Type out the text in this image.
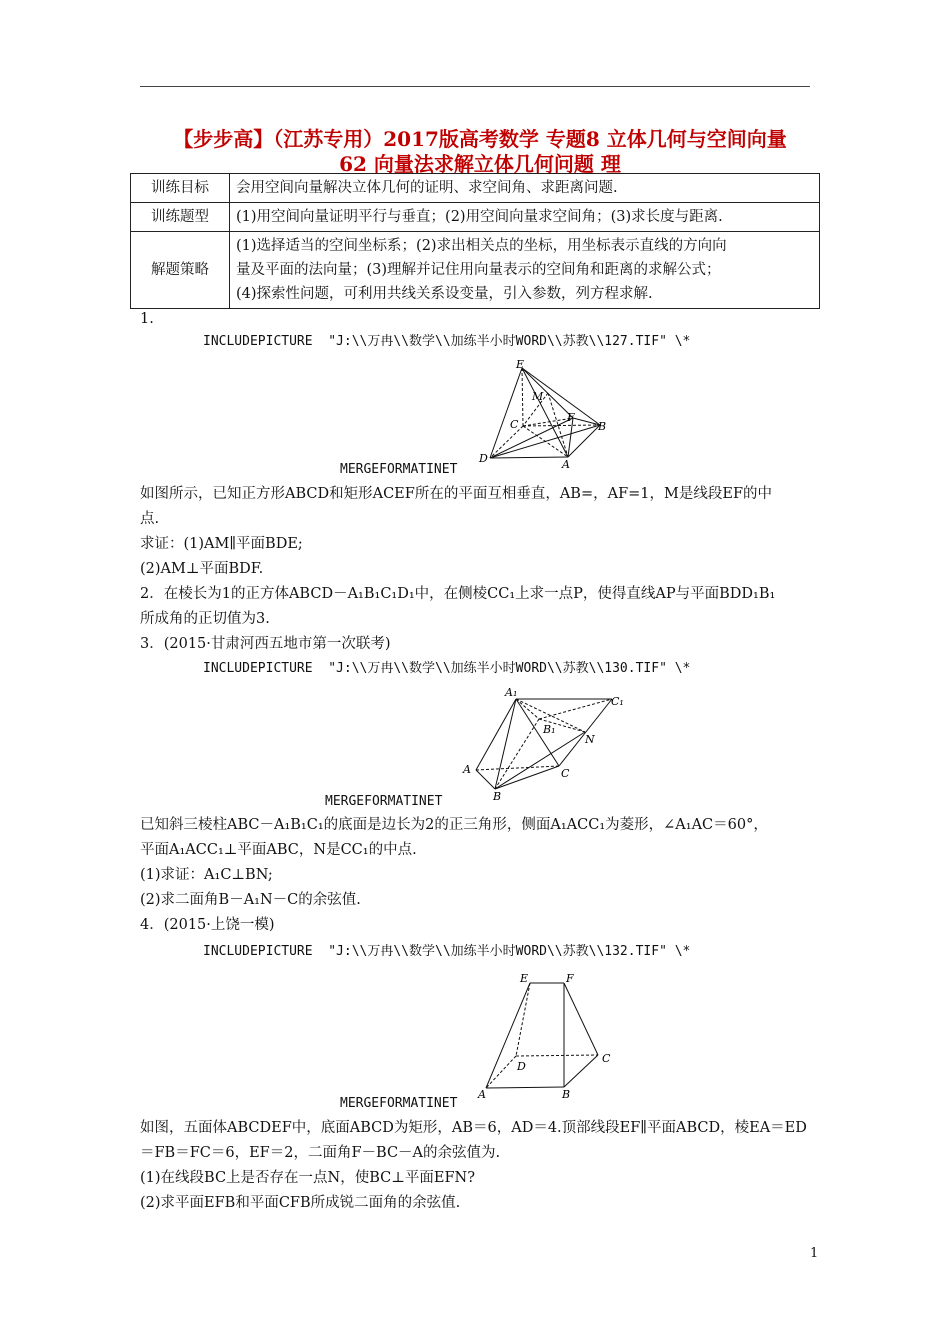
【步步高】（江苏专用）2017版高考数学 专题8 立体几何与空间向量
62 向量法求解立体几何问题 理
训练目标	会用空间向量解决立体几何的证明、求空间角、求距离问题.
训练题型	(1)用空间向量证明平行与垂直；(2)用空间向量求空间角；(3)求长度与距离.
解题策略	(1)选择适当的空间坐标系；(2)求出相关点的坐标，用坐标表示直线的方向向
量及平面的法向量；(3)理解并记住用向量表示的空间角和距离的求解公式；
(4)探索性问题，可利用共线关系设变量，引入参数，列方程求解.
1.
INCLUDEPICTURE  "J:\\万冉\\数学\\加练半小时WORD\\苏教\\127.TIF" \*
E
M
F
C	B
D	A
MERGEFORMATINET
如图所示，已知正方形ABCD和矩形ACEF所在的平面互相垂直，AB=，AF=1，M是线段EF的中
点.
求证：(1)AM∥平面BDE;
(2)AM⊥平面BDF.
2．在棱长为1的正方体ABCD－A₁B₁C₁D₁中，在侧棱CC₁上求一点P，使得直线AP与平面BDD₁B₁
所成角的正切值为3.
3．(2015·甘肃河西五地市第一次联考)
INCLUDEPICTURE  "J:\\万冉\\数学\\加练半小时WORD\\苏教\\130.TIF" \*
A₁
C₁
B₁
N
A	C
B
MERGEFORMATINET
已知斜三棱柱ABC－A₁B₁C₁的底面是边长为2的正三角形，侧面A₁ACC₁为菱形，∠A₁AC＝60°，
平面A₁ACC₁⊥平面ABC，N是CC₁的中点.
(1)求证：A₁C⊥BN;
(2)求二面角B－A₁N－C的余弦值.
4．(2015·上饶一模)
INCLUDEPICTURE  "J:\\万冉\\数学\\加练半小时WORD\\苏教\\132.TIF" \*
E	F
D
C
A	B
MERGEFORMATINET
如图，五面体ABCDEF中，底面ABCD为矩形，AB＝6，AD＝4.顶部线段EF∥平面ABCD，棱EA＝ED
＝FB＝FC＝6，EF＝2，二面角F－BC－A的余弦值为.
(1)在线段BC上是否存在一点N，使BC⊥平面EFN?
(2)求平面EFB和平面CFB所成锐二面角的余弦值.
1
